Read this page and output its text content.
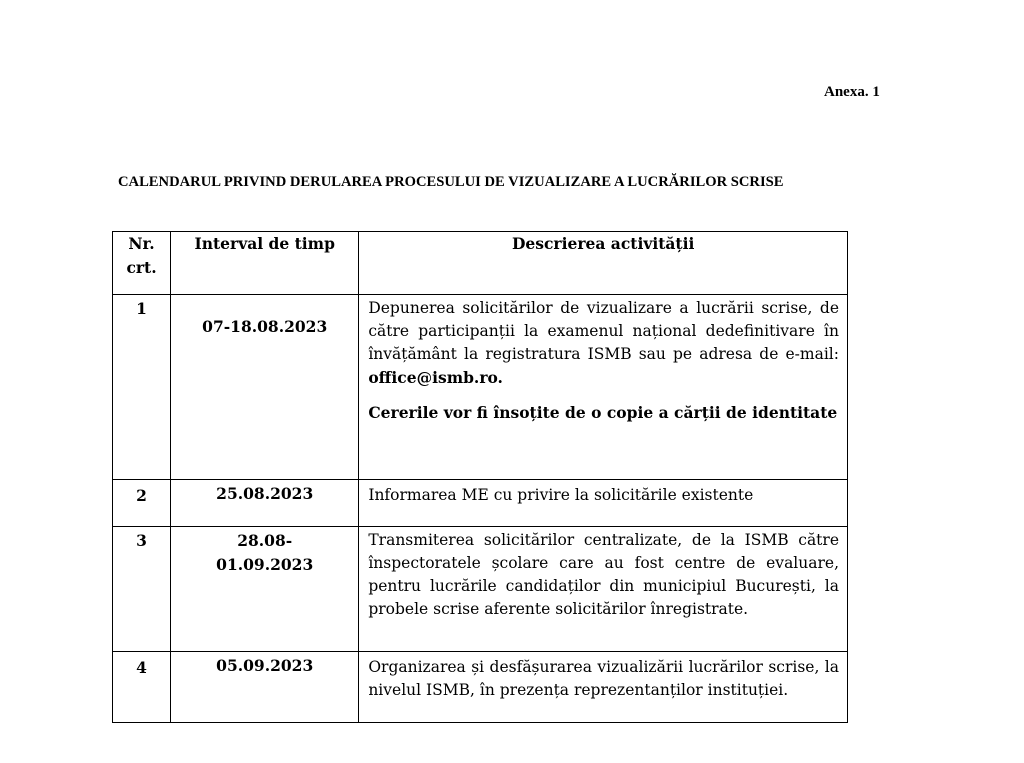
Anexa. 1
CALENDARUL PRIVIND DERULAREA PROCESULUI DE VIZUALIZARE A LUCRĂRILOR SCRISE
Nr. crt.	Interval de timp	Descrierea activității
1	07-18.08.2023	Depunerea solicitărilor de vizualizare a lucrării scrise, de către participanții la examenul național dedefinitivare în învățământ la registratura ISMB sau pe adresa de e-mail: office@ismb.ro.

Cererile vor fi însoțite de o copie a cărții de identitate

2	25.08.2023	Informarea ME cu privire la solicitările existente
3	28.08-01.09.2023	Transmiterea solicitărilor centralizate, de la ISMB către înspectoratele școlare care au fost centre de evaluare, pentru lucrările candidaților din municipiul București, la probele scrise aferente solicitărilor înregistrate.
4	05.09.2023	Organizarea și desfășurarea vizualizării lucrărilor scrise, la nivelul ISMB, în prezența reprezentanților instituției.
